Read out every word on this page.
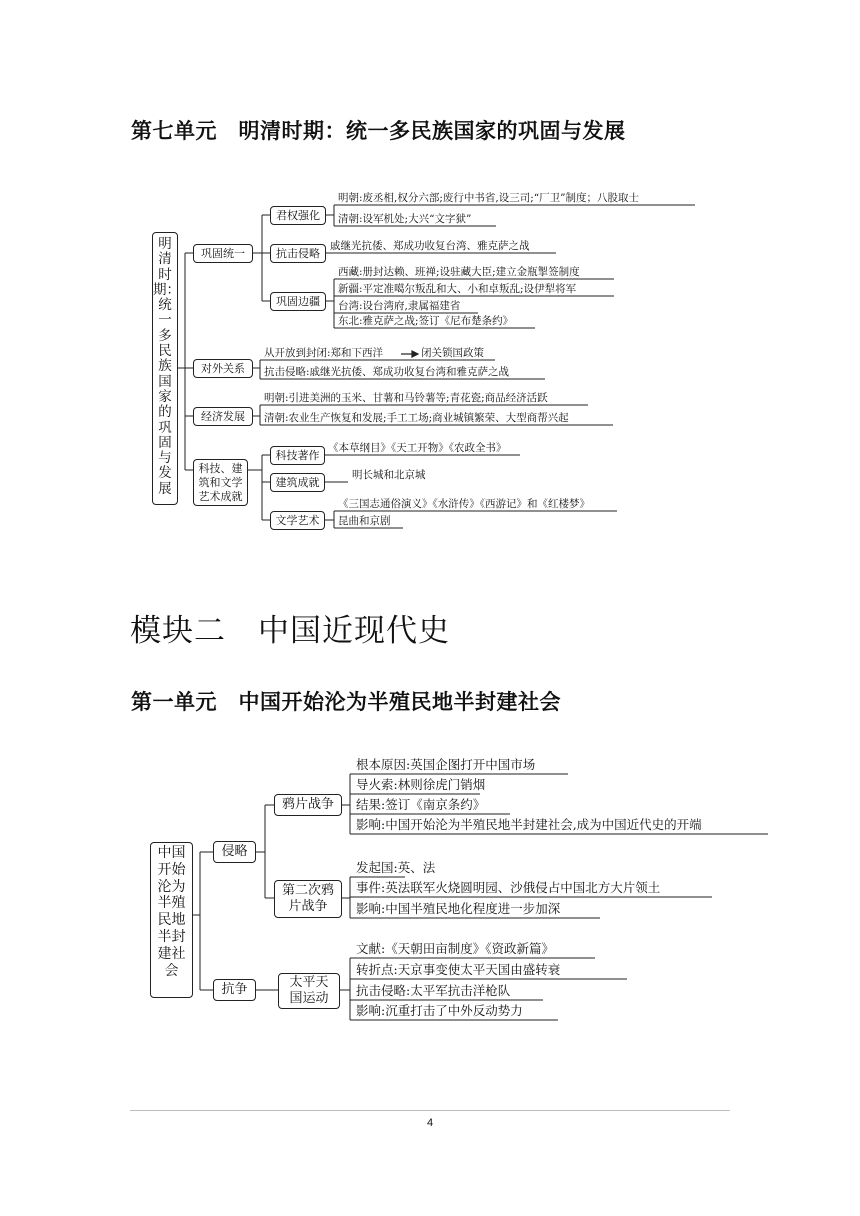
第七单元　明清时期：统一多民族国家的巩固与发展
明清时期：统一多民族国家的巩固与发展
巩固统一
对外关系
经济发展
科技、建筑和文学艺术成就
君权强化
抗击侵略
巩固边疆
科技著作
建筑成就
文学艺术
明朝:废丞相,权分六部;废行中书省,设三司;“厂卫”制度；八股取士
清朝:设军机处;大兴“文字狱”
戚继光抗倭、郑成功收复台湾、雅克萨之战
西藏:册封达赖、班禅;设驻藏大臣;建立金瓶掣签制度
新疆:平定准噶尔叛乱和大、小和卓叛乱;设伊犁将军
台湾:设台湾府,隶属福建省
东北:雅克萨之战;签订《尼布楚条约》
从开放到封闭:郑和下西洋	闭关锁国政策
抗击侵略:戚继光抗倭、郑成功收复台湾和雅克萨之战
明朝:引进美洲的玉米、甘薯和马铃薯等;青花瓷;商品经济活跃
清朝:农业生产恢复和发展;手工工场;商业城镇繁荣、大型商帮兴起
《本草纲目》《天工开物》《农政全书》
明长城和北京城
《三国志通俗演义》《水浒传》《西游记》和《红楼梦》
昆曲和京剧
模块二　中国近现代史
第一单元　中国开始沦为半殖民地半封建社会
中国开始沦为半殖民地半封建社会
侵略
抗争
鸦片战争
第二次鸦片战争
太平天国运动
根本原因:英国企图打开中国市场
导火索:林则徐虎门销烟
结果:签订《南京条约》
影响:中国开始沦为半殖民地半封建社会,成为中国近代史的开端
发起国:英、法
事件:英法联军火烧圆明园、沙俄侵占中国北方大片领土
影响:中国半殖民地化程度进一步加深
文献:《天朝田亩制度》《资政新篇》
转折点:天京事变使太平天国由盛转衰
抗击侵略:太平军抗击洋枪队
影响:沉重打击了中外反动势力
4
